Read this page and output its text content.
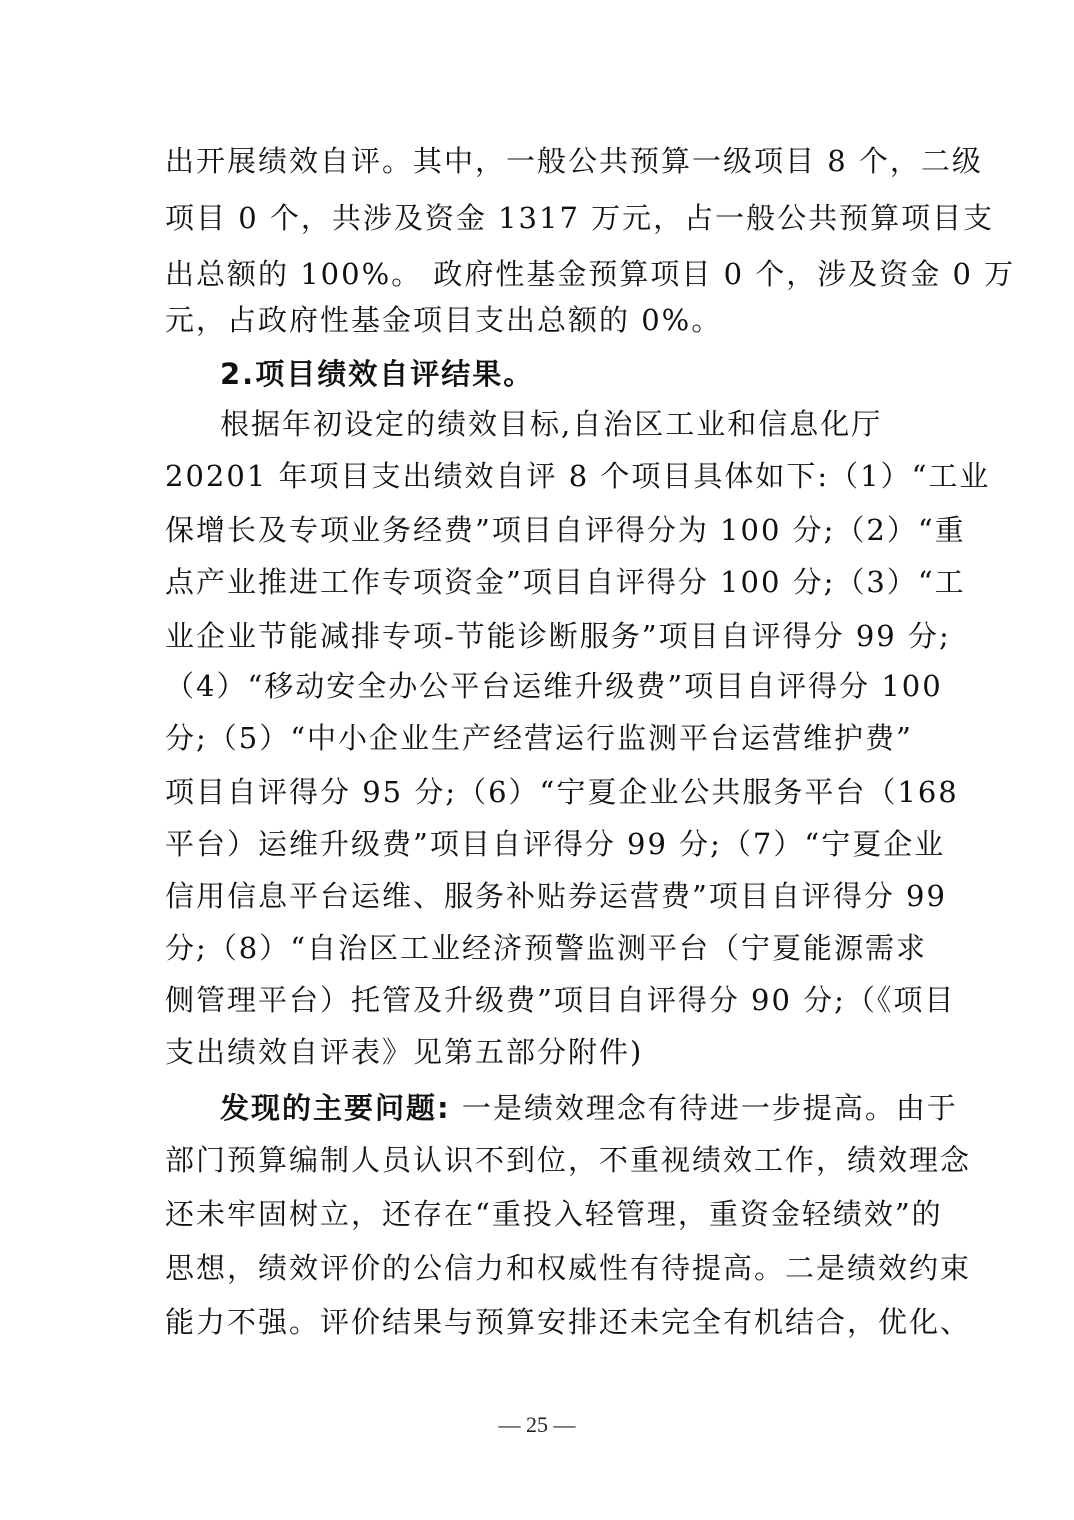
出开展绩效自评。其中，一般公共预算一级项目 8 个，二级
项目 0 个，共涉及资金 1317 万元，占一般公共预算项目支
出总额的 100%。 政府性基金预算项目 0 个，涉及资金 0 万
元，占政府性基金项目支出总额的 0%。
2.项目绩效自评结果。
根据年初设定的绩效目标,自治区工业和信息化厅
20201 年项目支出绩效自评 8 个项目具体如下:（1）“工业
保增长及专项业务经费”项目自评得分为 100 分;（2）“重
点产业推进工作专项资金”项目自评得分 100 分;（3）“工
业企业节能减排专项-节能诊断服务”项目自评得分 99 分;
（4）“移动安全办公平台运维升级费”项目自评得分 100
分;（5）“中小企业生产经营运行监测平台运营维护费”
项目自评得分 95 分;（6）“宁夏企业公共服务平台（168
平台）运维升级费”项目自评得分 99 分;（7）“宁夏企业
信用信息平台运维、服务补贴券运营费”项目自评得分 99
分;（8）“自治区工业经济预警监测平台（宁夏能源需求
侧管理平台）托管及升级费”项目自评得分 90 分;（《项目
支出绩效自评表》见第五部分附件)
发现的主要问题: 一是绩效理念有待进一步提高。由于
部门预算编制人员认识不到位，不重视绩效工作，绩效理念
还未牢固树立，还存在“重投入轻管理，重资金轻绩效”的
思想，绩效评价的公信力和权威性有待提高。二是绩效约束
能力不强。评价结果与预算安排还未完全有机结合，优化、
— 25 —
